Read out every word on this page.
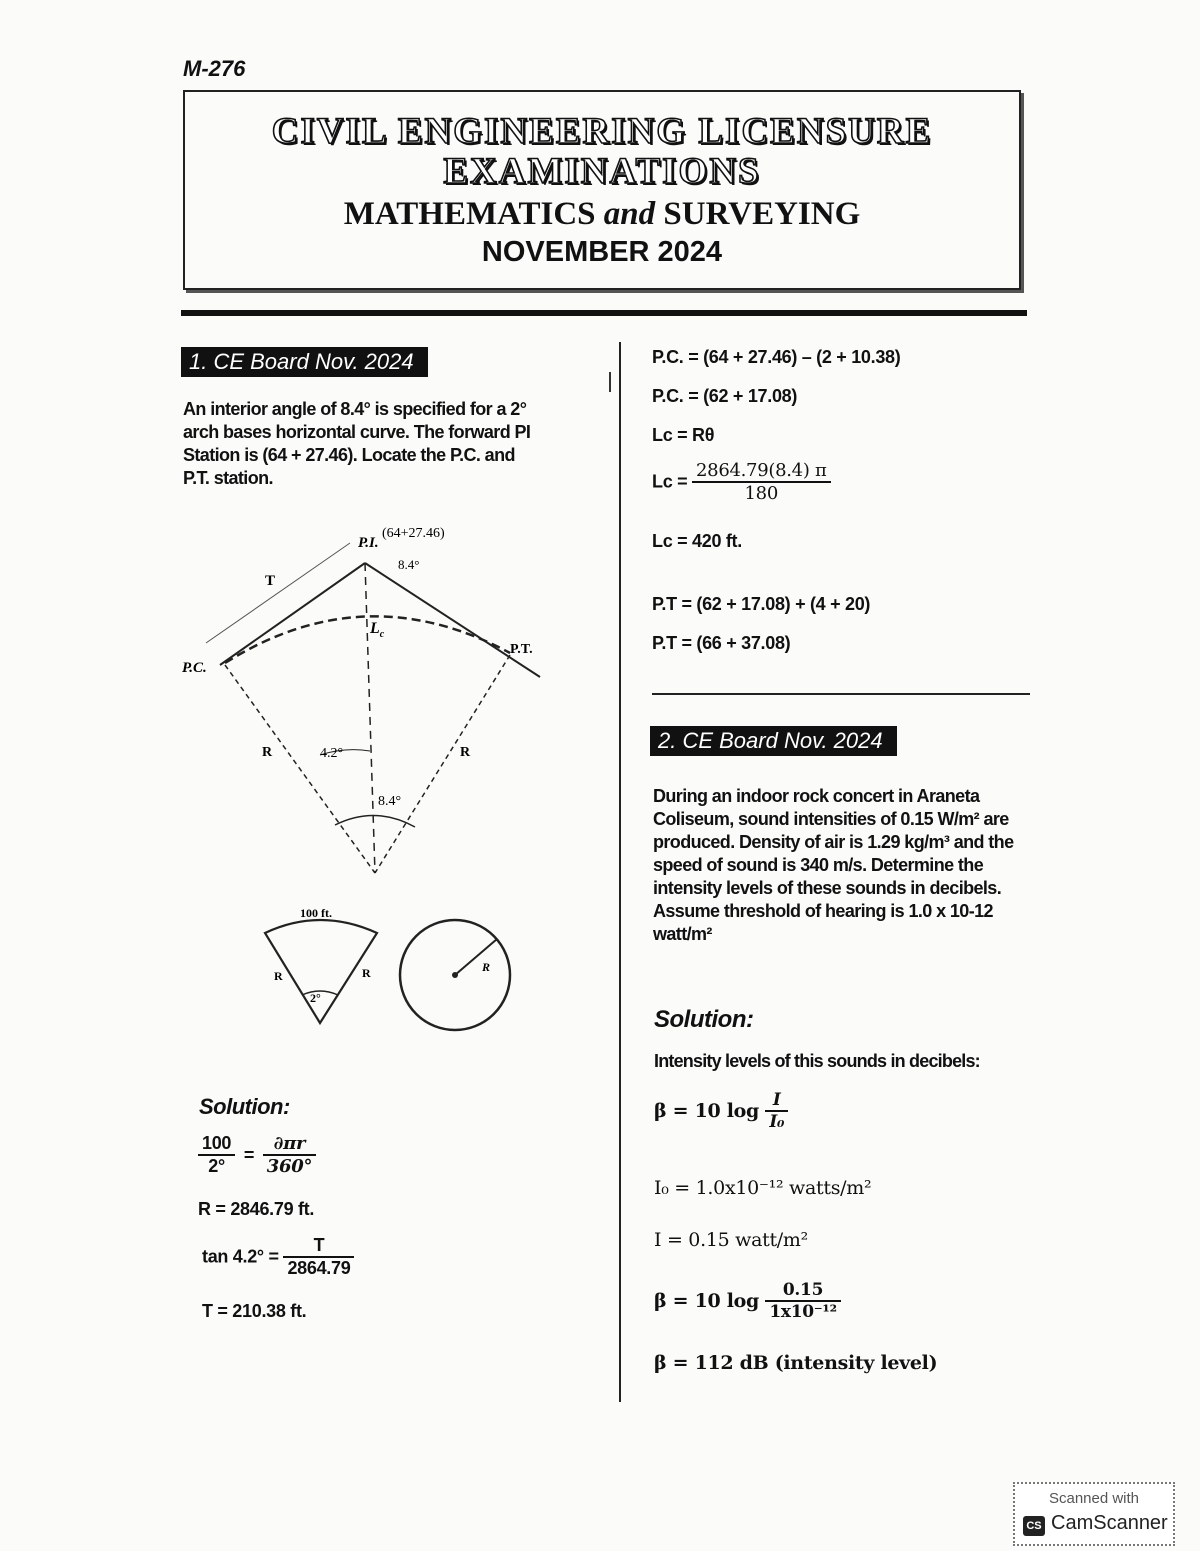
M-276
CIVIL ENGINEERING LICENSURE
EXAMINATIONS
MATHEMATICS and SURVEYING
NOVEMBER 2024
1. CE Board Nov. 2024
An interior angle of 8.4° is specified for a 2°
arch bases horizontal curve. The forward PI
Station is (64 + 27.46). Locate the P.C. and
P.T. station.
P.I.
(64+27.46)
8.4°
T
$L_c$
P.C.
P.T.
R	R
4.2°
8.4°
100 ft.
R	R
2°
R
Solution:
$\frac{100}{2^\circ} = \frac{\partial\pi r}{360^\circ}$
R = 2846.79 ft.
$\tan 4.2^\circ = \frac{T}{2864.79}$
T = 210.38 ft.
P.C. = (64 + 27.46) – (2 + 10.38)
P.C. = (62 + 17.08)
Lc = Rθ
$Lc = \frac{2864.79(8.4) \pi}{180}$
Lc = 420 ft.
P.T = (62 + 17.08) + (4 + 20)
P.T = (66 + 37.08)
2. CE Board Nov. 2024
During an indoor rock concert in Araneta
Coliseum, sound intensities of 0.15 W/m² are
produced. Density of air is 1.29 kg/m³ and the
speed of sound is 340 m/s. Determine the
intensity levels of these sounds in decibels.
Assume threshold of hearing is 1.0 x 10-12
watt/m²
Solution:
Intensity levels of this sounds in decibels:
β = 10 $\log \frac{I}{\text{I₀}}$
I₀ = 1.0x10⁻¹² watts/m²
I = 0.15 watt/m²
β = 10 $\log \frac{0.15}{\text{1x10⁻¹²}}$
β = 112 dB (intensity level)
Scanned with
CS CamScanner
